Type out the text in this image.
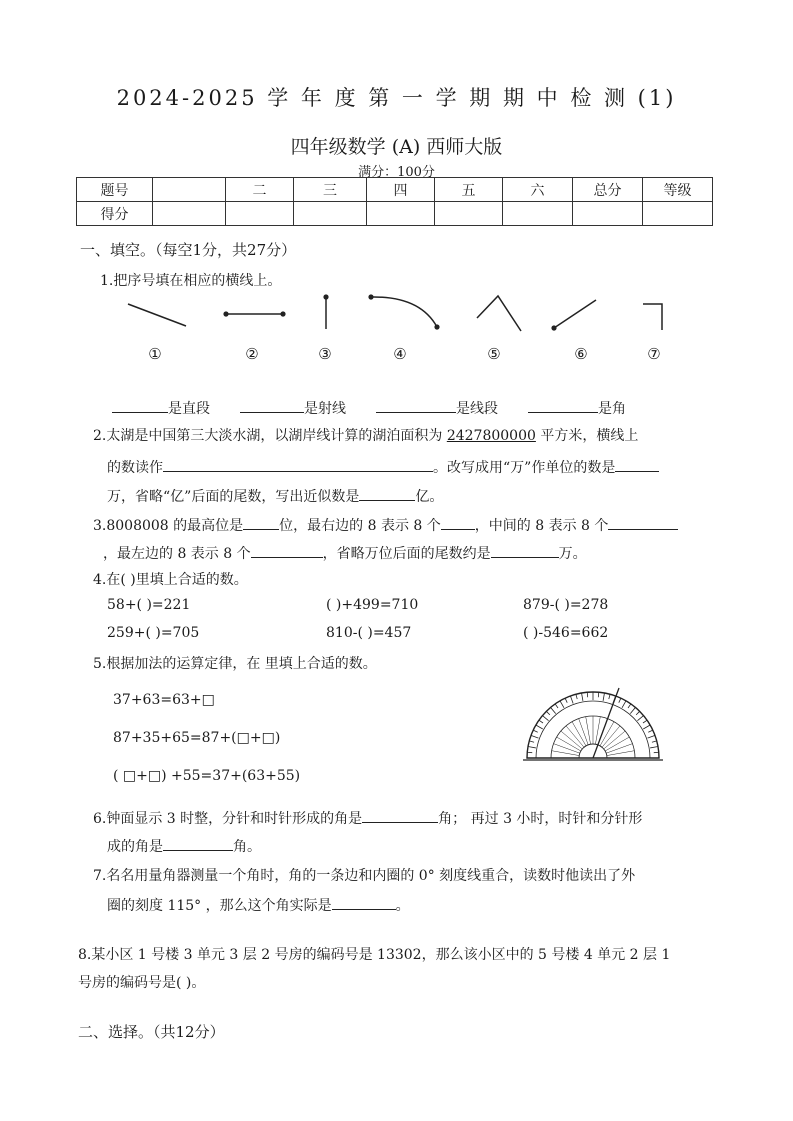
2024-2025 学 年 度 第 一 学 期 期 中 检 测 (1)
四年级数学 (A) 西师大版
满分：100分
题号		二	三	四	五	六	总分	等级
得分								
一、填空。（每空1分，共27分）
1.把序号填在相应的横线上。
①	②	③	④	⑤	⑥	⑦
是直段	是射线	是线段	是角
2.太湖是中国第三大淡水湖，以湖岸线计算的湖泊面积为 2427800000 平方米，横线上
的数读作	。改写成用“万”作单位的数是
万，省略“亿”后面的尾数，写出近似数是	亿。
3.8008008 的最高位是	位，最右边的 8 表示 8 个 ，中间的 8 表示 8 个
，最左边的 8 表示 8 个	，省略万位后面的尾数约是	万。
4.在( )里填上合适的数。
58+( )=221	( )+499=710	879-( )=278
259+( )=705	810-( )=457	( )-546=662
5.根据加法的运算定律，在 里填上合适的数。
37+63=63+□
87+35+65=87+(□+□)
( □+□) +55=37+(63+55)
6.钟面显示 3 时整，分针和时针形成的角是	角； 再过 3 小时，时针和分针形
成的角是	角。
7.名名用量角器测量一个角时，角的一条边和内圈的 0° 刻度线重合，读数时他读出了外
圈的刻度 115° ，那么这个角实际是	。
8.某小区 1 号楼 3 单元 3 层 2 号房的编码号是 13302，那么该小区中的 5 号楼 4 单元 2 层 1
号房的编码号是( )。
二、选择。（共12分）
